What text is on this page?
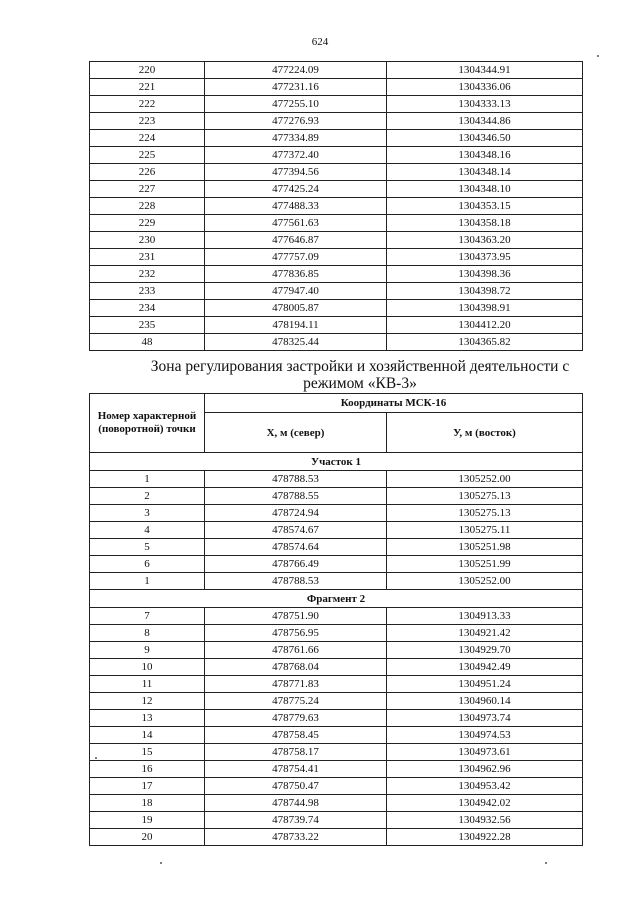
624
220	477224.09	1304344.91
221	477231.16	1304336.06
222	477255.10	1304333.13
223	477276.93	1304344.86
224	477334.89	1304346.50
225	477372.40	1304348.16
226	477394.56	1304348.14
227	477425.24	1304348.10
228	477488.33	1304353.15
229	477561.63	1304358.18
230	477646.87	1304363.20
231	477757.09	1304373.95
232	477836.85	1304398.36
233	477947.40	1304398.72
234	478005.87	1304398.91
235	478194.11	1304412.20
48	478325.44	1304365.82
Зона регулирования застройки и хозяйственной деятельности с режимом «КВ-3»
Номер характерной (поворотной) точки	Координаты МСК-16	
	Х, м (север)	У, м (восток)
Участок 1		
1	478788.53	1305252.00
2	478788.55	1305275.13
3	478724.94	1305275.13
4	478574.67	1305275.11
5	478574.64	1305251.98
6	478766.49	1305251.99
1	478788.53	1305252.00
Фрагмент 2		
7	478751.90	1304913.33
8	478756.95	1304921.42
9	478761.66	1304929.70
10	478768.04	1304942.49
11	478771.83	1304951.24
12	478775.24	1304960.14
13	478779.63	1304973.74
14	478758.45	1304974.53
15	478758.17	1304973.61
16	478754.41	1304962.96
17	478750.47	1304953.42
18	478744.98	1304942.02
19	478739.74	1304932.56
20	478733.22	1304922.28
